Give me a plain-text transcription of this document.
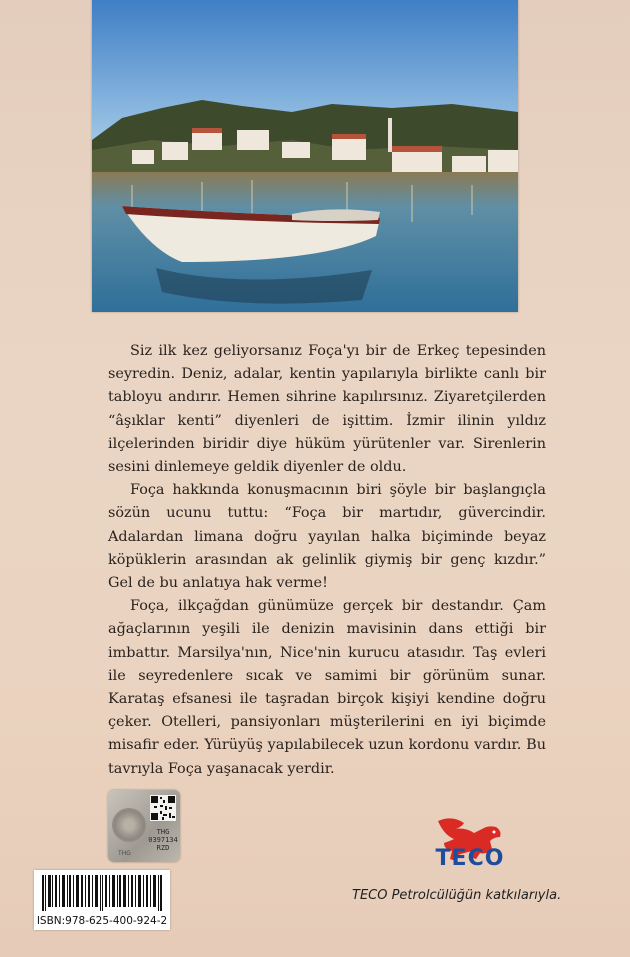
Siz ilk kez geliyorsanız Foça'yı bir de Erkeç tepesinden seyredin. Deniz, adalar, kentin yapılarıyla birlikte canlı bir tabloyu andırır. Hemen sihrine kapılırsınız. Ziyaretçilerden “âşıklar kenti” diyenleri de işittim. İzmir ilinin yıldız ilçelerinden biridir diye hüküm yürütenler var. Sirenlerin sesini dinlemeye geldik diyenler de oldu.

Foça hakkında konuşmacının biri şöyle bir başlangıçla sözün ucunu tuttu: “Foça bir martıdır, güvercindir. Adalardan limana doğru yayılan halka biçiminde beyaz köpüklerin arasından ak gelinlik giymiş bir genç kızdır.” Gel de bu anlatıya hak verme!

Foça, ilkçağdan günümüze gerçek bir destandır. Çam ağaçlarının yeşili ile denizin mavisinin dans ettiği bir imbattır. Marsilya'nın, Nice'nin kurucu atasıdır. Taş evleri ile seyredenlere sıcak ve samimi bir görünüm sunar. Karataş efsanesi ile taşradan birçok kişiyi kendine doğru çeker. Otelleri, pansiyonları müşterilerini en iyi biçimde misafir eder. Yürüyüş yapılabilecek uzun kordonu vardır. Bu tavrıyla Foça yaşanacak yerdir.

THG
0397134
RZD
THG
ISBN:978-625-400-924-2
TECO
TECO Petrolcülüğün katkılarıyla.
